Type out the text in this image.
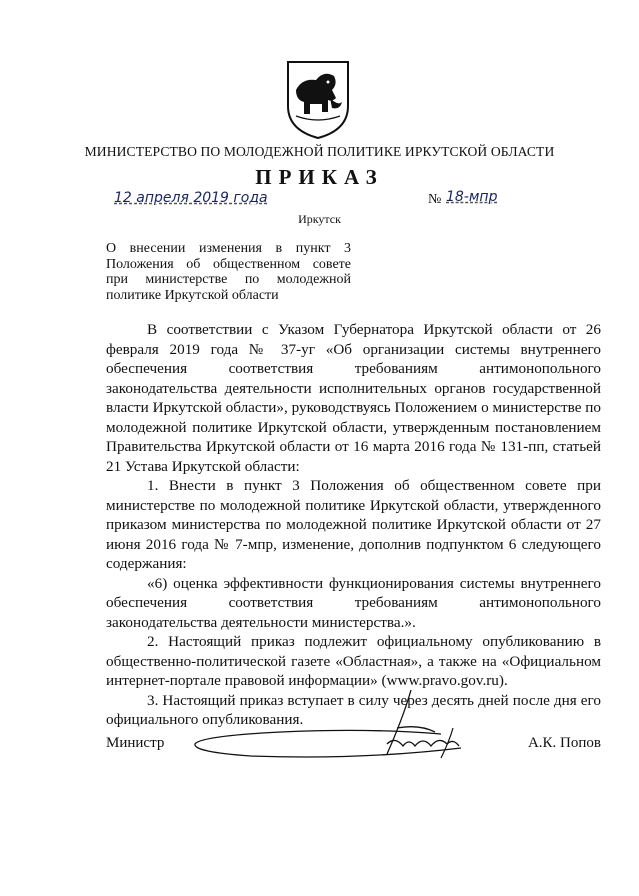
МИНИСТЕРСТВО ПО МОЛОДЕЖНОЙ ПОЛИТИКЕ ИРКУТСКОЙ ОБЛАСТИ
ПРИКАЗ
12 апреля 2019 года	№ 18-мпр
Иркутск
О внесении изменения в пункт 3
Положения об общественном совете
при министерстве по молодежной
политике Иркутской области

В соответствии с Указом Губернатора Иркутской области от 26 февраля 2019 года № 37-уг «Об организации системы внутреннего обеспечения соответствия требованиям антимонопольного законодательства деятельности исполнительных органов государственной власти Иркутской области», руководствуясь Положением о министерстве по молодежной политике Иркутской области, утвержденным постановлением Правительства Иркутской области от 16 марта 2016 года № 131-пп, статьей 21 Устава Иркутской области:

1. Внести в пункт 3 Положения об общественном совете при министерстве по молодежной политике Иркутской области, утвержденного приказом министерства по молодежной политике Иркутской области от 27 июня 2016 года № 7-мпр, изменение, дополнив подпунктом 6 следующего содержания:

«6) оценка эффективности функционирования системы внутреннего обеспечения соответствия требованиям антимонопольного законодательства деятельности министерства.».

2. Настоящий приказ подлежит официальному опубликованию в общественно-политической газете «Областная», а также на «Официальном интернет-портале правовой информации» (www.pravo.gov.ru).

3. Настоящий приказ вступает в силу через десять дней после дня его официального опубликования.

Министр	А.К. Попов
